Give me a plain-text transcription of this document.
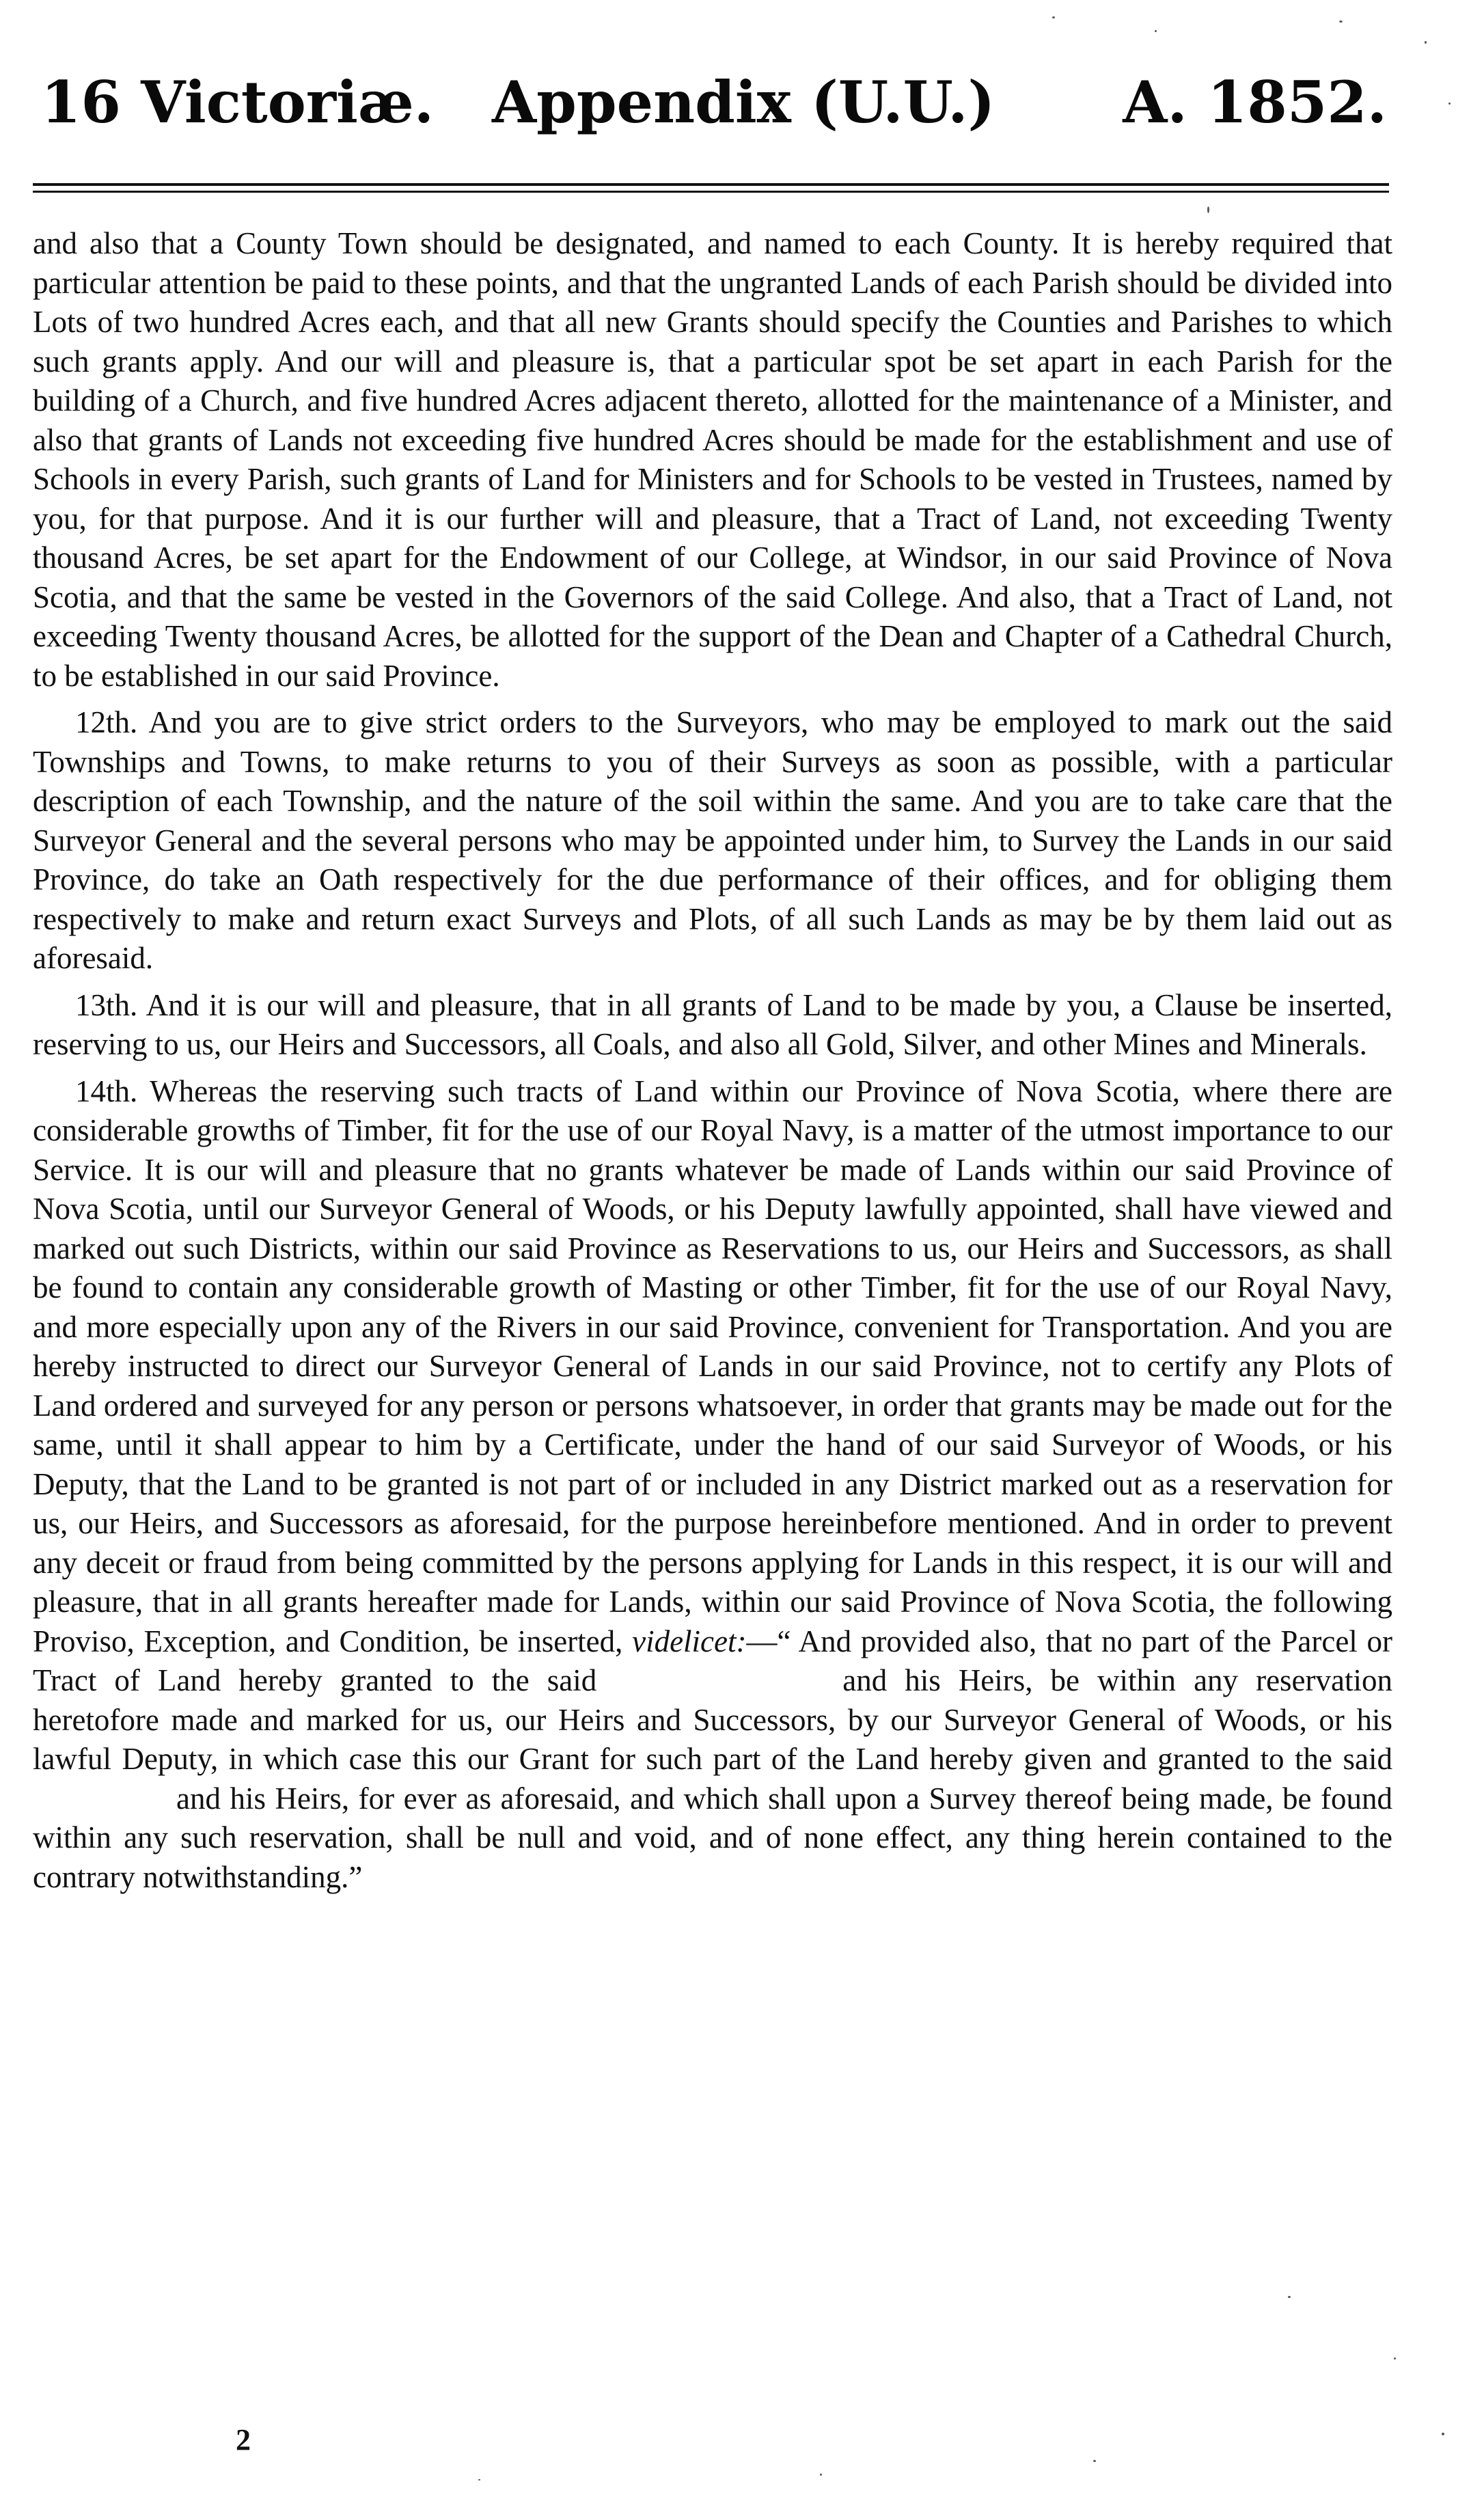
16 Victoriæ. Appendix (U.U.) A. 1852.

and also that a County Town should be designated, and named to each County. It is hereby required that particular attention be paid to these points, and that the ungranted Lands of each Parish should be divided into Lots of two hundred Acres each, and that all new Grants should specify the Counties and Parishes to which such grants apply. And our will and pleasure is, that a particular spot be set apart in each Parish for the building of a Church, and five hundred Acres adjacent thereto, allotted for the maintenance of a Minister, and also that grants of Lands not exceeding five hundred Acres should be made for the establishment and use of Schools in every Parish, such grants of Land for Ministers and for Schools to be vested in Trustees, named by you, for that purpose. And it is our further will and pleasure, that a Tract of Land, not exceeding Twenty thousand Acres, be set apart for the Endowment of our College, at Windsor, in our said Province of Nova Scotia, and that the same be vested in the Governors of the said College. And also, that a Tract of Land, not exceeding Twenty thousand Acres, be allotted for the support of the Dean and Chapter of a Cathedral Church, to be established in our said Province.

12th. And you are to give strict orders to the Surveyors, who may be employed to mark out the said Townships and Towns, to make returns to you of their Surveys as soon as possible, with a particular description of each Township, and the nature of the soil within the same. And you are to take care that the Surveyor General and the several persons who may be appointed under him, to Survey the Lands in our said Province, do take an Oath respectively for the due performance of their offices, and for obliging them respectively to make and return exact Surveys and Plots, of all such Lands as may be by them laid out as aforesaid.

13th. And it is our will and pleasure, that in all grants of Land to be made by you, a Clause be inserted, reserving to us, our Heirs and Successors, all Coals, and also all Gold, Silver, and other Mines and Minerals.

14th. Whereas the reserving such tracts of Land within our Province of Nova Scotia, where there are considerable growths of Timber, fit for the use of our Royal Navy, is a matter of the utmost importance to our Service. It is our will and pleasure that no grants whatever be made of Lands within our said Province of Nova Scotia, until our Surveyor General of Woods, or his Deputy lawfully appointed, shall have viewed and marked out such Districts, within our said Province as Reservations to us, our Heirs and Successors, as shall be found to contain any considerable growth of Masting or other Timber, fit for the use of our Royal Navy, and more especially upon any of the Rivers in our said Province, convenient for Transportation. And you are hereby instructed to direct our Surveyor General of Lands in our said Province, not to certify any Plots of Land ordered and surveyed for any person or persons whatsoever, in order that grants may be made out for the same, until it shall appear to him by a Certificate, under the hand of our said Surveyor of Woods, or his Deputy, that the Land to be granted is not part of or included in any District marked out as a reservation for us, our Heirs, and Successors as aforesaid, for the purpose hereinbefore mentioned. And in order to prevent any deceit or fraud from being committed by the persons applying for Lands in this respect, it is our will and pleasure, that in all grants hereafter made for Lands, within our said Province of Nova Scotia, the following Proviso, Exception, and Condition, be inserted, videlicet:—“ And provided also, that no part of the Parcel or Tract of Land hereby granted to the said	and his Heirs, be within any reservation heretofore made and marked for us, our Heirs and Successors, by our Surveyor General of Woods, or his lawful Deputy, in which case this our Grant for such part of the Land hereby given and granted to the saidand his Heirs, for ever as aforesaid, and which shall upon a Survey thereof being made, be found within any such reservation, shall be null and void, and of none effect, any thing herein contained to the contrary notwithstanding.”

2
